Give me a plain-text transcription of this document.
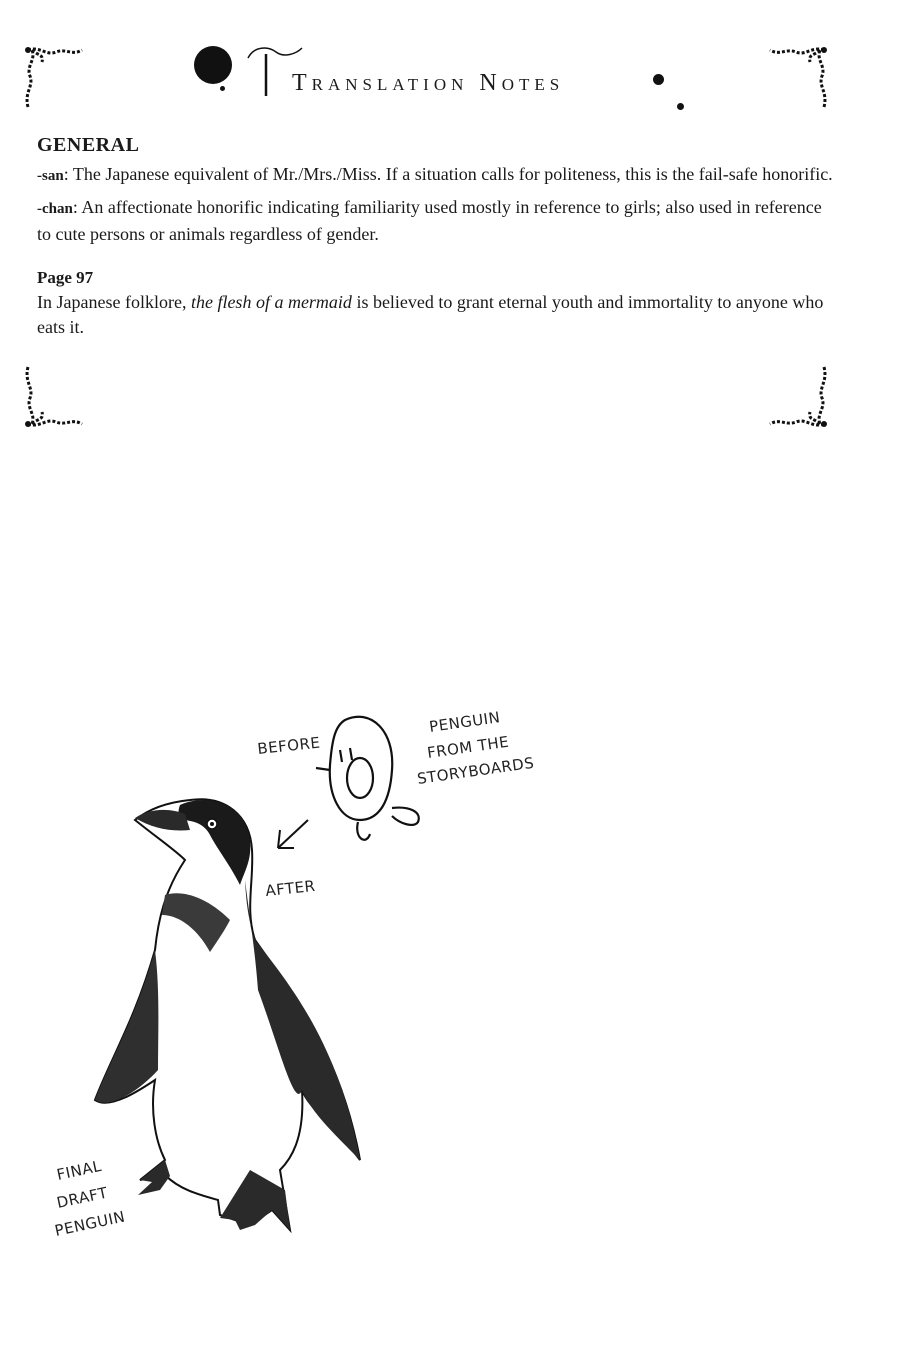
Translation Notes
GENERAL

-san: The Japanese equivalent of Mr./Mrs./Miss. If a situation calls for politeness, this is the fail-safe honorific.

-chan: An affectionate honorific indicating familiarity used mostly in reference to girls; also used in reference to cute persons or animals regardless of gender.

Page 97

In Japanese folklore, the flesh of a mermaid is believed to grant eternal youth and immortality to anyone who eats it.

BEFORE
PENGUIN
FROM THE
STORYBOARDS
AFTER
FINAL
DRAFT
PENGUIN
